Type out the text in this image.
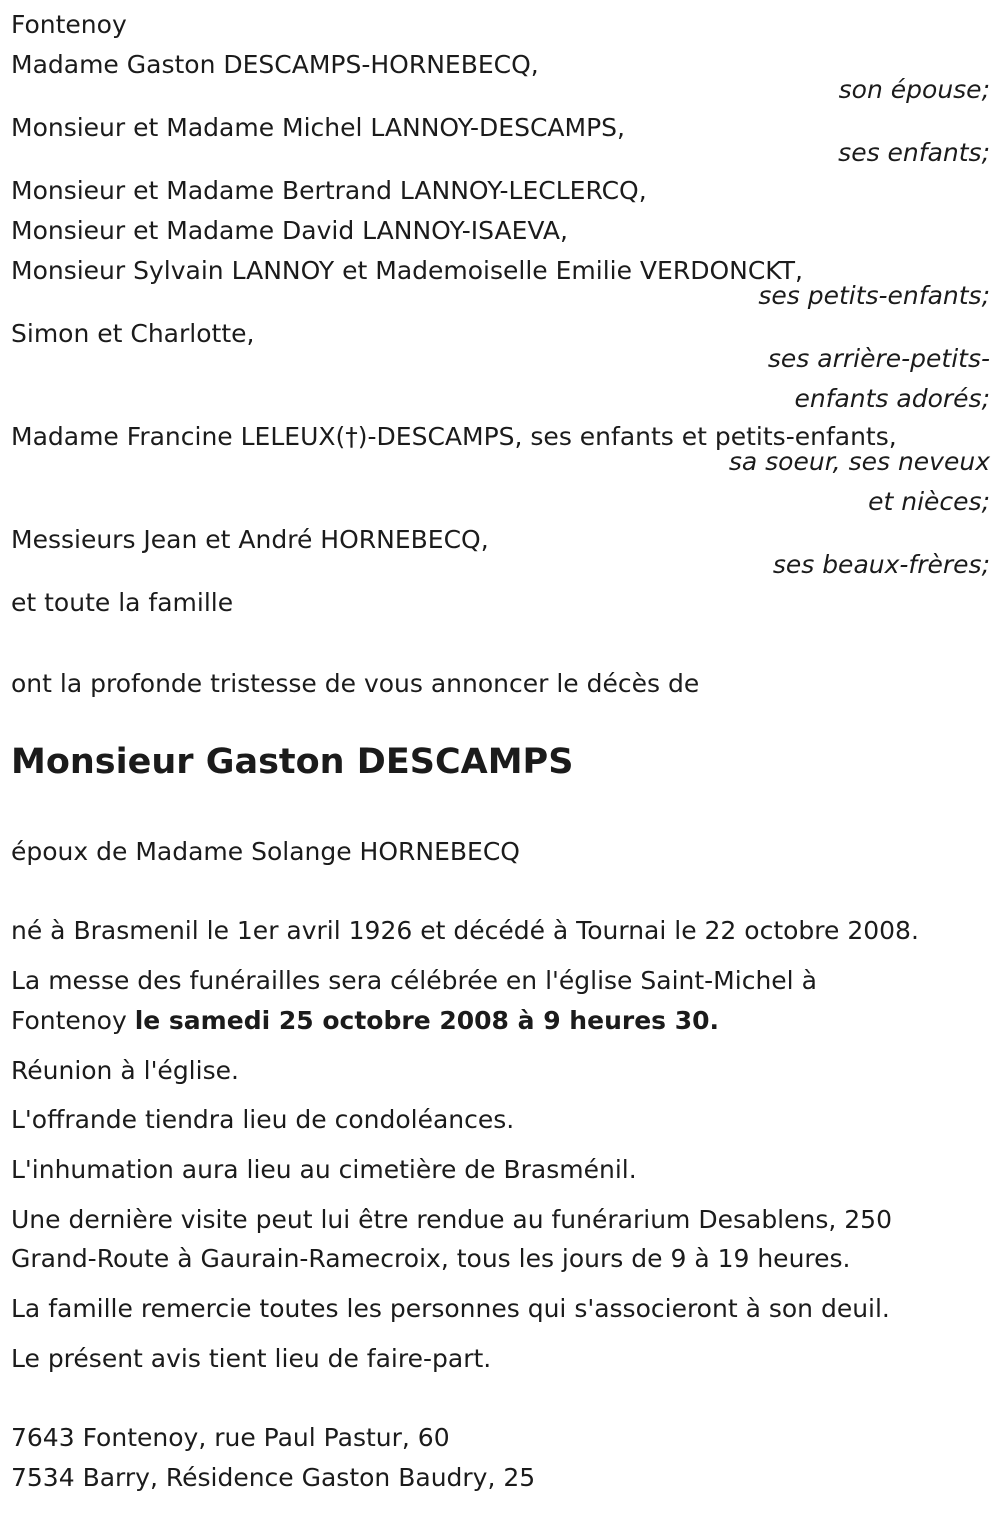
Fontenoy
Madame Gaston DESCAMPS-HORNEBECQ,
son épouse;
Monsieur et Madame Michel LANNOY-DESCAMPS,
ses enfants;
Monsieur et Madame Bertrand LANNOY-LECLERCQ,
Monsieur et Madame David LANNOY-ISAEVA,
Monsieur Sylvain LANNOY et Mademoiselle Emilie VERDONCKT,
ses petits-enfants;
Simon et Charlotte,
ses arrière-petits-
enfants adorés;
Madame Francine LELEUX(†)-DESCAMPS, ses enfants et petits-enfants,
sa soeur, ses neveux
et nièces;
Messieurs Jean et André HORNEBECQ,
ses beaux-frères;
et toute la famille
ont la profonde tristesse de vous annoncer le décès de
Monsieur Gaston DESCAMPS
époux de Madame Solange HORNEBECQ
né à Brasmenil le 1er avril 1926 et décédé à Tournai le 22 octobre 2008.
La messe des funérailles sera célébrée en l'église Saint-Michel à
Fontenoy le samedi 25 octobre 2008 à 9 heures 30.
Réunion à l'église.
L'offrande tiendra lieu de condoléances.
L'inhumation aura lieu au cimetière de Brasménil.
Une dernière visite peut lui être rendue au funérarium Desablens, 250
Grand-Route à Gaurain-Ramecroix, tous les jours de 9 à 19 heures.
La famille remercie toutes les personnes qui s'associeront à son deuil.
Le présent avis tient lieu de faire-part.
7643 Fontenoy, rue Paul Pastur, 60
7534 Barry, Résidence Gaston Baudry, 25
